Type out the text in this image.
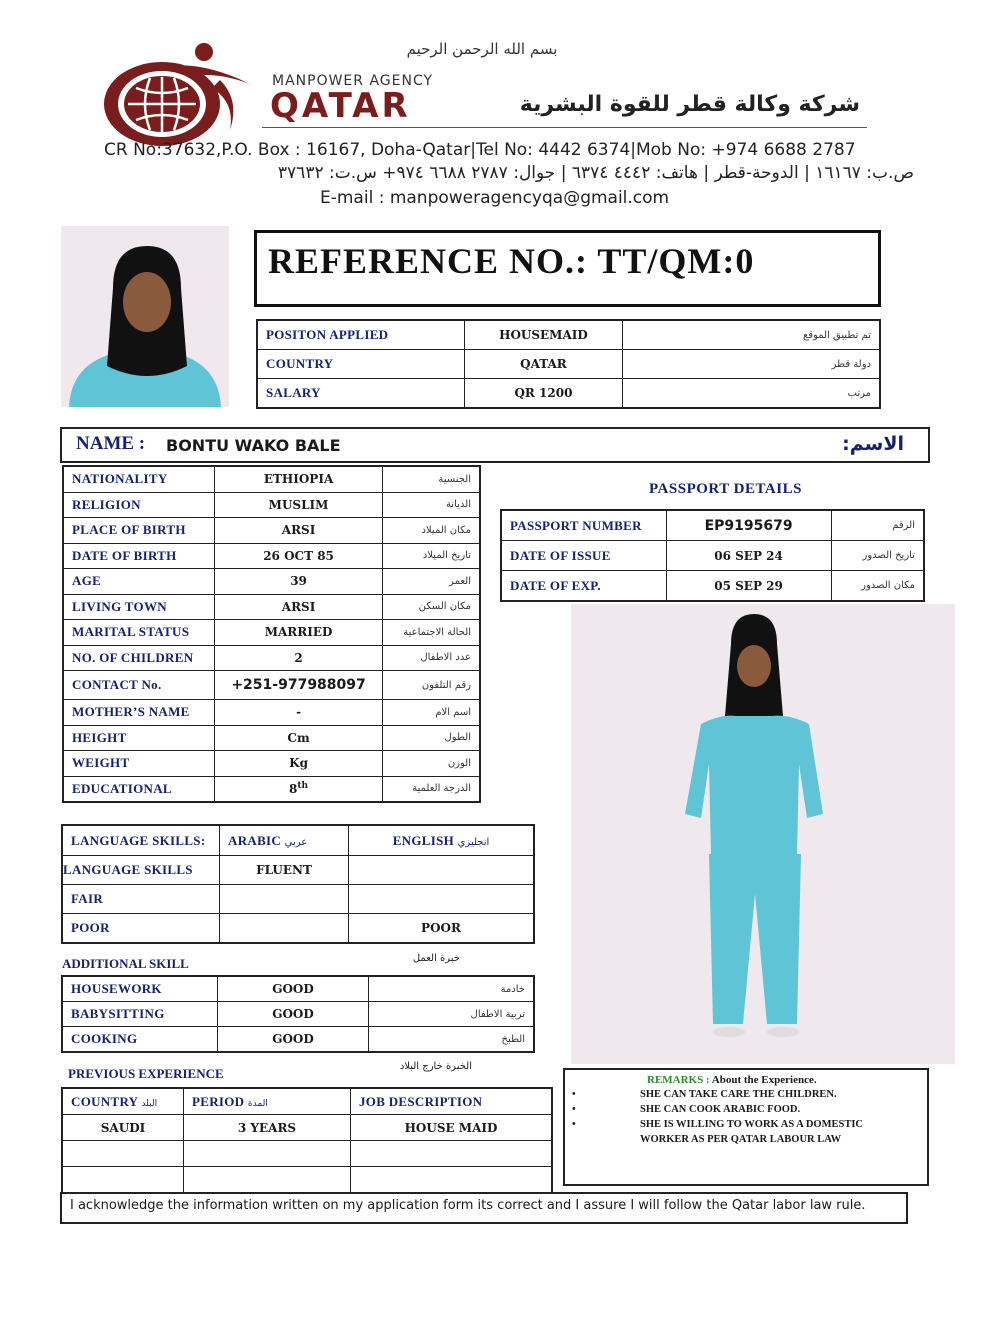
بسم الله الرحمن الرحيم
MANPOWER AGENCY
QATAR	شركة وكالة قطر للقوة البشرية
CR No:37632,P.O. Box : 16167, Doha-Qatar|Tel No: 4442 6374|Mob No: +974 6688 2787
ص.ب: ١٦١٦٧ | الدوحة-قطر | هاتف: ٤٤٤٢ ٦٣٧٤ | جوال: ٢٧٨٧ ٦٦٨٨ ٩٧٤+ س.ت: ٣٧٦٣٢
E-mail : manpoweragencyqa@gmail.com
REFERENCE NO.: TT/QM:0
POSITON APPLIED	HOUSEMAID	تم تطبيق الموقع
COUNTRY	QATAR	دولة قطر
SALARY	QR 1200	مرتب
NAME : BONTU WAKO BALE	الاسم:
NATIONALITY	ETHIOPIA	الجنسية
RELIGION	MUSLIM	الديانة
PLACE OF BIRTH	ARSI	مكان الميلاد
DATE OF BIRTH	26 OCT 85	تاريخ الميلاد
AGE	39	العمر
LIVING TOWN	ARSI	مكان السكن
MARITAL STATUS	MARRIED	الحالة الاجتماعية
NO. OF CHILDREN	2	عدد الاطفال
CONTACT No.	+251-977988097	رقم التلفون
MOTHER’S NAME	-	اسم الام
HEIGHT	Cm	الطول
WEIGHT	Kg	الوزن
EDUCATIONAL	8th	الدرجة العلمية
PASSPORT DETAILS
PASSPORT NUMBER	EP9195679	الرقم
DATE OF ISSUE	06 SEP 24	تاريخ الصدور
DATE OF EXP.	05 SEP 29	مكان الصدور
LANGUAGE SKILLS:	ARABIC عربي	ENGLISH انجليزي
LANGUAGE SKILLS	FLUENT	
FAIR		
POOR		POOR
ADDITIONAL SKILL	خبرة العمل
HOUSEWORK	GOOD	خادمة
BABYSITTING	GOOD	تربية الاطفال
COOKING	GOOD	الطبخ
PREVIOUS EXPERIENCE	الخبرة خارج البلاد
COUNTRY البلد	PERIOD المدة	JOB DESCRIPTION
SAUDI	3 YEARS	HOUSE MAID

REMARKS : About the Experience.
•	SHE CAN TAKE CARE THE CHILDREN.
•	SHE CAN COOK ARABIC FOOD.
•	SHE IS WILLING TO WORK AS A DOMESTIC
WORKER AS PER QATAR LABOUR LAW
I acknowledge the information written on my application form its correct and I assure I will follow the Qatar labor law rule.
